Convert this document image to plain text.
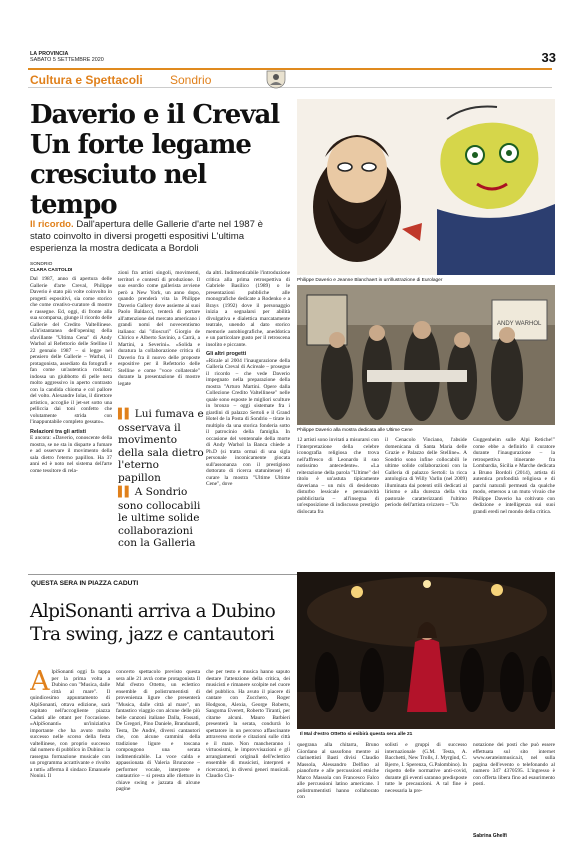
LA PROVINCIA
SABATO 5 SETTEMBRE 2020	33
Cultura e Spettacoli Sondrio
Daverio e il Creval
Un forte legame
cresciuto nel tempo
Il ricordo. Dall'apertura delle Gallerie d'arte nel 1987 è stato coinvolto in diversi progetti espositivi L'ultima esperienza la mostra dedicata a Bordoli
Philippe Daverio e Jeanne Blanchaert in un'illustrazione di Eurolager
ANDY WARHOL
Philippe Daverio alla mostra dedicata alle Ultime Cene
SONDRIO
CLARA CASTOLDI

Dal 1987, anno di apertura delle Gallerie d'arte Creval, Philippe Daverio è stato più volte coinvolto in progetti espositivi, sia come storico che come creativo-curatore di mostre e rassegne. Ed, oggi, di fronte alla sua scomparsa, giunge il ricordo delle Gallerie del Credito Valtellinese. «Un'istantanea dell'opening della sfavillante "Ultima Cena" di Andy Warhol al Refettorio delle Stelline il 22 gennaio 1987 – si legge nel pensiero delle Gallerie – Warhol, il protagonista, assediato da fotografi e fan come un'autentica rockstar; indossa un giubbotto di pelle nera molto aggressivo in aperto contrasto con la candida chioma e col pallore del volto. Alexandre Iolas, il direttore artistico, accoglie il jet-set sotto una pelliccia dai toni confetto che volutamente strida con l'inappuntabile completo gessato».

Relazioni tra gli artisti

E ancora: «Daverio, conoscente della mostra, se ne sta in disparte a fumare e ad osservare il movimento della sala dietro l'eterno papillon. Ha 37 anni ed è noto nel sistema dell'arte come tessitore di rela-

zioni fra artisti singoli, movimenti, territori e contesti di produzione. Il suo esordio come gallerista avviene però a New York, un anno dopo, quando prenderà vita la Philippe Daverio Gallery dove assieme ai suoi Paolo Baldacci, tenterà di portare all'attenzione del mercato americano i grandi nomi del novecentismo italiano: dai "dioscuri" Giorgio de Chirico e Alberto Savinio, a Carrà, a Martini, a Severini». «Solida e duratura la collaborazione critica di Daverio fra il nuovo delle proposte espositive per il Refettorio delle Stelline e come "voce collaterale" durante la presentazione di mostre legate

▌▌ Lui fumava e osservava il movimento della sala dietro l'eterno papillon
▌▌ A Sondrio sono collocabili le ultime solide collaborazioni con la Galleria

da altri. Indimenticabile l'introduzione critica alla prima retrospettiva di Gabriele Basilico (1989) o le presentazioni pubbliche alle monografiche dedicate a Rodenko e a Brays (1992) dove il personaggio inizia a segnalarsi per abilità divulgativa e dialettica marcatamente teatrale, unendo al dato storico memorie autobiografiche, aneddotica e un particolare gusto per il retroscena insolito e piccante.

Gli altri progetti

«Ricale al 2004 l'inaugurazione della Galleria Creval di Acireale – prosegue il ricordo – che vede Daverio impegnato nella preparazione della mostra "Arturo Martini. Opere dalla Collezione Credito Valtellinese" nelle quale sono esposte le migliori sculture in bronzo – oggi sistemate fra i giardini di palazzo Sertoli e il Grand Hotel de la Posta di Sondrio – tirate in multiplo da una storica fonderia sotto il patrocinio della famiglia. In occasione del ventennale della morte di Andy Warhol la Banca chiede a Ph.D (si tratta ormai di una sigla personale inconicamente giocata sull'assonanza con il prestigioso dottorato di ricerca statunitense) di curare la mostra "Ultime Ultime Cene", dove

12 artisti sono invitati a misurarsi con l'interpretazione della celebre iconografia religiosa che trova nell'affresco di Leonardo il suo notissimo antecedente». «La reiterazione della parola "Ultime" del titolo è un'astuta tipicamente daveriana – un mix di desiderato disturbo lessicale e persuasività pubblicitaria – all'insegna di un'esposizione di indiscusso prestigio dislocata fra

il Cenacolo Vinciano, l'abside domenicana di Santa Maria delle Grazie e Palazzo delle Stelline». A Sondrio sono infine collocabili le ultime solide collaborazioni con la Galleria di palazzo Sertoli: la ricca antologica di Willy Varlin (nel 2009) illuminata dai potenti stili dedicati al lirismo e alla durezza della vita pastorale caratterizzanti l'ultimo periodo dell'artista svizzero – "Un

Guggenheim sulle Alpi Retiche!" come ebbe a definirlo il curatore durante l'inaugurazione – la retrospettiva itinerante fra Lombardia, Sicilia e Marche dedicata a Bruno Bordoli (2014), artista di autentica profondità religiosa e di parchi naturali permeati da qualche modo, emersos a un muto vivaio che Philippe Daverio ha coltivato con dedizione e intelligenza sui suoi grandi eredi nel mondo della critica.

QUESTA SERA IN PIAZZA CADUTI
AlpiSonanti arriva a Dubino
Tra swing, jazz e cantautori
Il Mal d'estro Ottetto si esibirà questa sera alle 21
A lpiSonanti oggi fa tappa per la prima volta a Dubino con "Musica, dalle città al mare". Il quindicesimo appuntamento di AlpiSonanti, ottava edizione, sarà ospitato nell'accogliente piazza Caduti alle ottant per l'occasione. «AlpiSonanti» un'iniziativa importante che ha avuto molto successo nelle scorso della festa valtellinese, con proprio successo dal numero di pubblico in Dubino: la rassegna formazione musicale con un programma accattivante e rivolto a tutti» afferma il sindaco Emanuele Nonini. Il

concerto spettacolo previsto questa sera alle 21 avrà come protagonista Il Mal d'estro Ottetto, un eclettico ensemble di polistrumentisti di provenienza ligure che presenterà "Musica, dalle città al mare", un fantastico viaggio con alcune delle più belle canzoni italiane Dalla, Fossati, De Gregori, Pino Daniele, Branduardi, Testa, De André, diversi cantautori che, con alcune cammini della tradizione ligure e toscana compongono una serata indimenticabile. La voce calda e appassionata di Valeria Brunzone – performer vocale, interprete e cantautrice – si presta alle riletture in chiave swing e jazzata di alcune pagine

che per testo e musica hanno saputo destare l'attenzione della critica, dei musicisti e rimanere scolpite nel cuore del pubblico. Ha avuto il piacere di cantare con Zucchero, Roger Hodgson, Alexia, George Roberts, Sangoma Everett, Roberto Tiranti, per citarne alcuni. Mauro Barbieri presenterà la serata, condurrà lo spettatore in un percorso affascinante attraverso storie e citazioni sulle città e il mare. Non mancheranno i virtuosismi, le improvvisazioni e gli arrangiamenti originali dell'eclettico ensemble di musicisti, interpreti e ricercatori, in diversi generi musicali. Claudio Cin-

quegrana alla chitarra, Bruno Giordano al sassofono mentre ai clarinettisti Basti divisi Claudio Massola, Alessandro Delfino al pianoforte e alle percussioni etniche Marco Massola con Francesco Falco alle percussioni latino americane. I polistrumentisti hanno collaborato con

solisti e gruppi di successo internazionale (G.M. Testa, A. Bacchetti, New Trolls, J. Myrgind, C. Bjerre, I. Sperenza, G.Palombino). In rispetto delle normative anti-covid, durante gli eventi saranno predisposte tutte le precauzioni. A tal fine è necessaria la pre-

notazione dei posti che può essere effettuata sul sito internet www.serateinmusica.it, nel sulla pagina dell'evento o telefonando al numero 347 4370595. L'ingresso è con offerta libera fino ad esaurimento posti.

Sabrina Ghelfi
